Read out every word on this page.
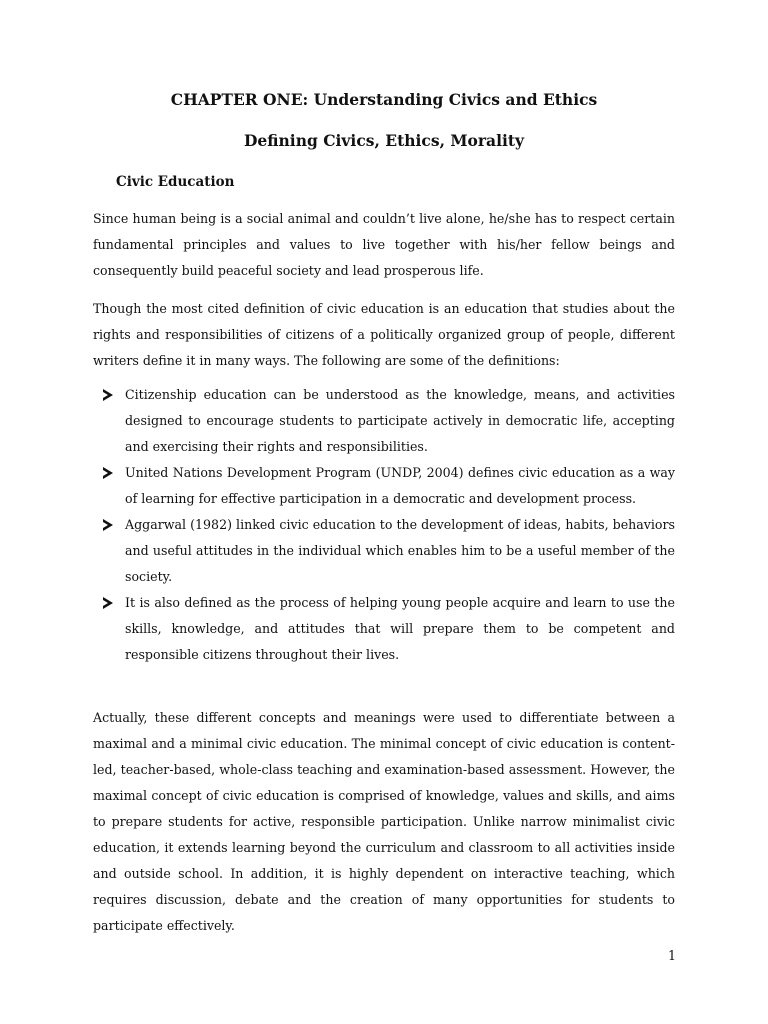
CHAPTER ONE: Understanding Civics and Ethics
Defining Civics, Ethics, Morality
Civic Education

Since human being is a social animal and couldn’t live alone, he/she has to respect certain fundamental principles and values to live together with his/her fellow beings and consequently build peaceful society and lead prosperous life.

Though the most cited definition of civic education is an education that studies about the rights and responsibilities of citizens of a politically organized group of people, different writers define it in many ways. The following are some of the definitions:

Citizenship education can be understood as the knowledge, means, and activities designed to encourage students to participate actively in democratic life, accepting and exercising their rights and responsibilities.
United Nations Development Program (UNDP, 2004) defines civic education as a way of learning for effective participation in a democratic and development process.
Aggarwal (1982) linked civic education to the development of ideas, habits, behaviors and useful attitudes in the individual which enables him to be a useful member of the society.
It is also defined as the process of helping young people acquire and learn to use the skills, knowledge, and attitudes that will prepare them to be competent and responsible citizens throughout their lives.

Actually, these different concepts and meanings were used to differentiate between a maximal and a minimal civic education. The minimal concept of civic education is content-led, teacher-based, whole-class teaching and examination-based assessment. However, the maximal concept of civic education is comprised of knowledge, values and skills, and aims to prepare students for active, responsible participation. Unlike narrow minimalist civic education, it extends learning beyond the curriculum and classroom to all activities inside and outside school. In addition, it is highly dependent on interactive teaching, which requires discussion, debate and the creation of many opportunities for students to participate effectively.

1
